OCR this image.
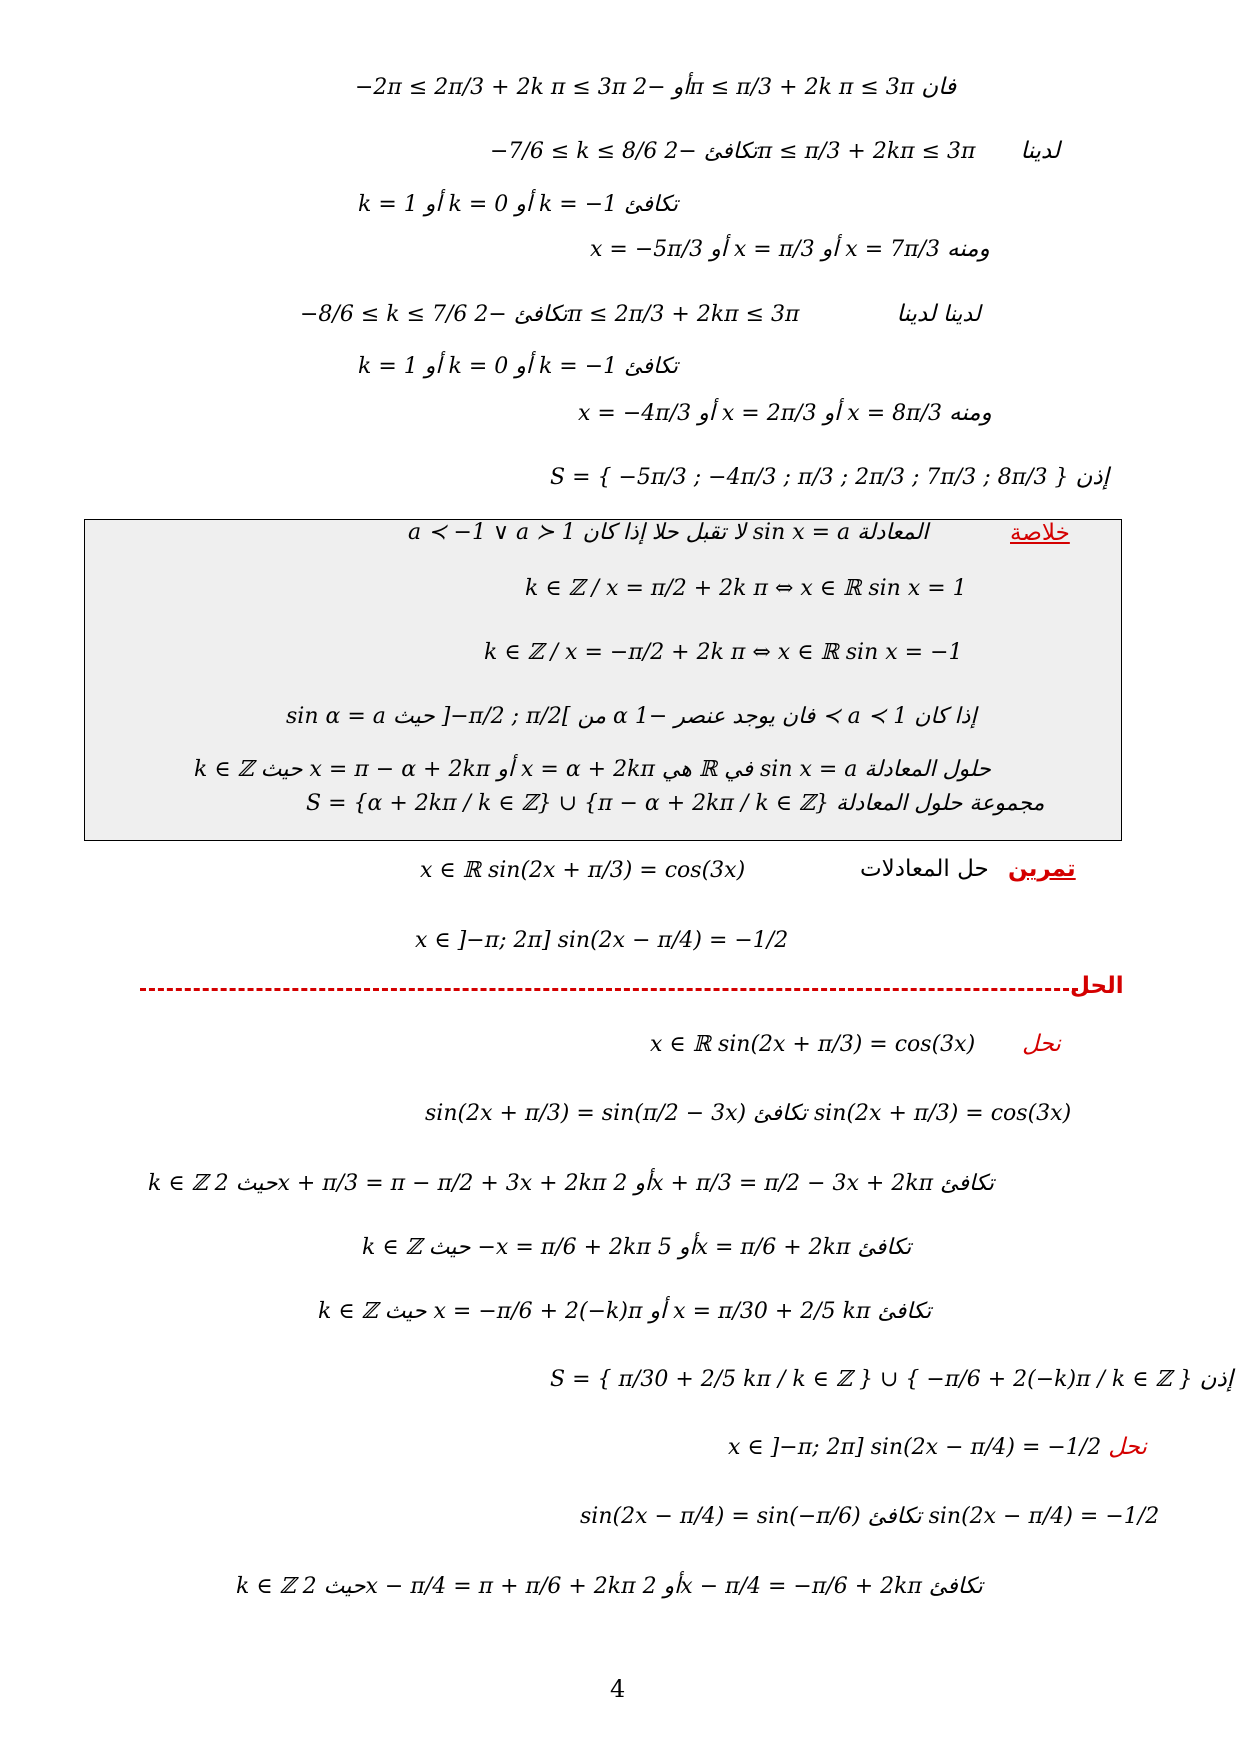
−2π ≤ 2π/3 + 2k π ≤ 3π أو −2π ≤ π/3 + 2k π ≤ 3π فان
−7/6 ≤ k ≤ 8/6 تكافئ −2π ≤ π/3 + 2kπ ≤ 3π لدينا
k = 1 أو k = 0 أو k = −1 تكافئ
x = −5π/3 أو x = π/3 أو x = 7π/3 ومنه
−8/6 ≤ k ≤ 7/6 تكافئ −2π ≤ 2π/3 + 2kπ ≤ 3π لدينا لدينا
k = 1 أو k = 0 أو k = −1 تكافئ
x = −4π/3 أو x = 2π/3 أو x = 8π/3 ومنه
S = { −5π/3 ; −4π/3 ; π/3 ; 2π/3 ; 7π/3 ; 8π/3 } إذن
خلاصة
a ≺ −1 ∨ a ≻ 1 لا تقبل حلا إذا كان sin x = a المعادلة
k ∈ ℤ / x = π/2 + 2k π ⇔ x ∈ ℝ sin x = 1
k ∈ ℤ / x = −π/2 + 2k π ⇔ x ∈ ℝ sin x = −1
sin α = a حيث ]−π/2 ; π/2[ من α فان يوجد عنصر −1 ≺ a ≺ 1 إذا كان
k ∈ ℤ حيث x = π − α + 2kπ أو x = α + 2kπ هي ℝ في sin x = a حلول المعادلة
S = {α + 2kπ / k ∈ ℤ} ∪ {π − α + 2kπ / k ∈ ℤ} مجموعة حلول المعادلة
تمرين
حل المعادلات
x ∈ ℝ sin(2x + π/3) = cos(3x)
x ∈ ]−π; 2π] sin(2x − π/4) = −1/2
الحل
x ∈ ℝ sin(2x + π/3) = cos(3x) نحل
sin(2x + π/3) = sin(π/2 − 3x) تكافئ sin(2x + π/3) = cos(3x)
k ∈ ℤ حيث 2x + π/3 = π − π/2 + 3x + 2kπ أو 2x + π/3 = π/2 − 3x + 2kπ تكافئ
k ∈ ℤ حيث −x = π/6 + 2kπ أو 5x = π/6 + 2kπ تكافئ
k ∈ ℤ حيث x = −π/6 + 2(−k)π أو x = π/30 + 2/5 kπ تكافئ
S = { π/30 + 2/5 kπ / k ∈ ℤ } ∪ { −π/6 + 2(−k)π / k ∈ ℤ } إذن
x ∈ ]−π; 2π] sin(2x − π/4) = −1/2 نحل
sin(2x − π/4) = sin(−π/6) تكافئ sin(2x − π/4) = −1/2
k ∈ ℤ حيث 2x − π/4 = π + π/6 + 2kπ أو 2x − π/4 = −π/6 + 2kπ تكافئ
4
